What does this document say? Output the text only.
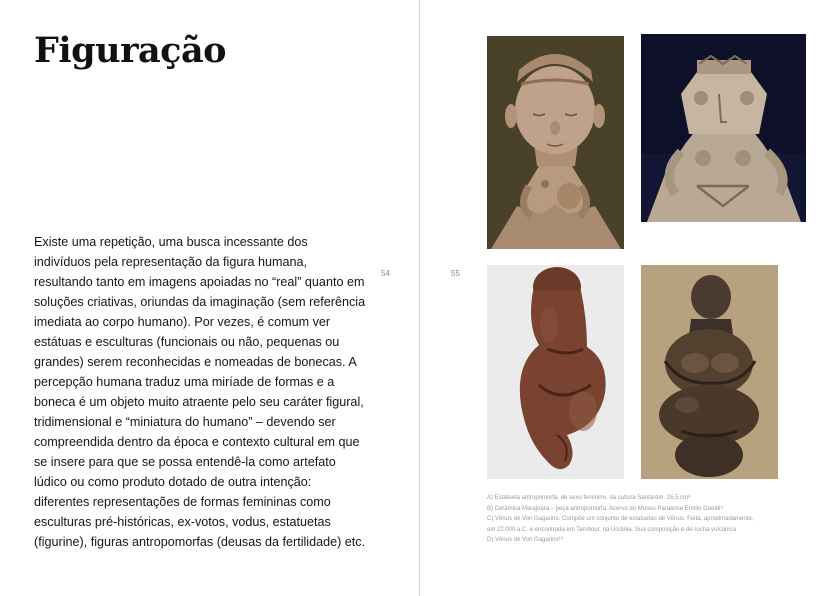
Figuração

Existe uma repetição, uma busca incessante dos indivíduos pela representação da figura humana, resultando tanto em imagens apoiadas no “real” quanto em soluções criativas, oriundas da imaginação (sem referência imediata ao corpo humano). Por vezes, é comum ver estátuas e esculturas (funcionais ou não, pequenas ou grandes) serem reconhecidas e nomeadas de bonecas. A percepção humana traduz uma miríade de formas e a boneca é um objeto muito atraente pelo seu caráter figural, tridimensional e “miniatura do humano” – devendo ser compreendida dentro da época e contexto cultural em que se insere para que se possa entendê-la como artefato lúdico ou como produto dotado de outra intenção: diferentes representações de formas femininas como esculturas pré-históricas, ex-votos, vodus, estatuetas (figurine), figuras antropomorfas (deusas da fertilidade) etc.

54	55
A) Estatueta antropomorfa, de sexo feminino, da cultura Santarém. 25,5 cm⁸
B) Cerâmica Marajoara – peça antropomorfa. Acervo do Museu Paraense Emílio Goeldi⁹
C) Vênus de Von Gagarino. Compõe um conjunto de estatuetas de Vênus. Feita, aproximadamente,
em 22.000 a.C. e encontrada em Tambour, na Ucrânia. Sua composição é de rocha vulcânica
D) Vênus de Von Gagarino¹⁰
